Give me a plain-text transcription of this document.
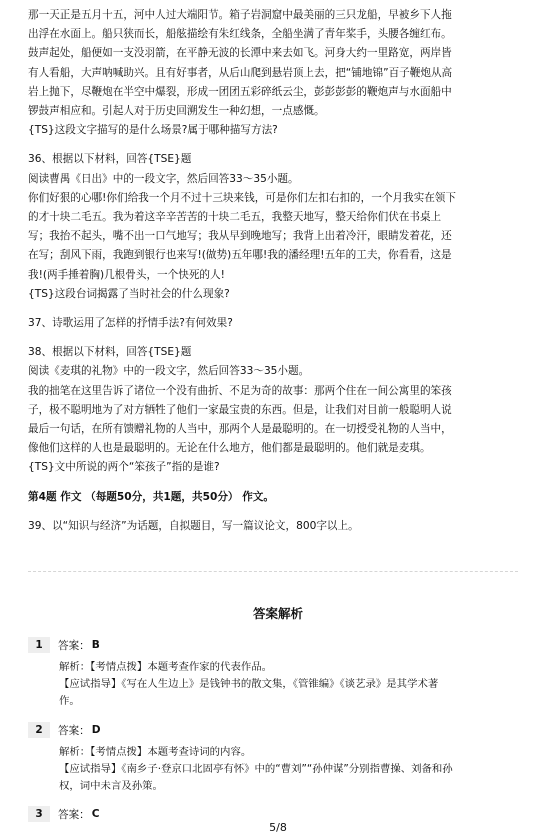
那一天正是五月十五，河中人过大端阳节。箱子岩洞窟中最美丽的三只龙船，早被乡下人拖

出浮在水面上。船只狭而长，船舷描绘有朱红线条，全船坐满了青年桨手，头腰各缠红布。

鼓声起处，船便如一支没羽箭，在平静无波的长潭中来去如飞。河身大约一里路宽，两岸皆

有人看船，大声呐喊助兴。且有好事者，从后山爬到悬岩顶上去，把“铺地锦”百子鞭炮从高

岩上抛下，尽鞭炮在半空中爆裂，形成一团团五彩碎纸云尘，彭彭彭彭的鞭炮声与水面船中

锣鼓声相应和。引起人对于历史回溯发生一种幻想，一点感慨。

{TS}这段文字描写的是什么场景?属于哪种描写方法?

36、根据以下材料，回答{TSE}题

阅读曹禺《日出》中的一段文字，然后回答33～35小题。

你们好狠的心哪!你们给我一个月不过十三块来钱，可是你们左扣右扣的，一个月我实在领下

的才十块二毛五。我为着这辛辛苦苦的十块二毛五，我整天地写，整天给你们伏在书桌上

写；我抬不起头，嘴不出一口气地写；我从早到晚地写；我背上出着冷汗，眼睛发着花，还

在写；刮风下雨，我跑到银行也来写!(做势)五年哪!我的潘经理!五年的工夫，你看看，这是

我!(两手捶着胸)几根骨头，一个快死的人!

{TS}这段台词揭露了当时社会的什么现象?

37、诗歌运用了怎样的抒情手法?有何效果?

38、根据以下材料，回答{TSE}题

阅读《麦琪的礼物》中的一段文字，然后回答33～35小题。

我的拙笔在这里告诉了诸位一个没有曲折、不足为奇的故事：那两个住在一间公寓里的笨孩

子，极不聪明地为了对方牺牲了他们一家最宝贵的东西。但是，让我们对目前一般聪明人说

最后一句话，在所有馈赠礼物的人当中，那两个人是最聪明的。在一切授受礼物的人当中，

像他们这样的人也是最聪明的。无论在什么地方，他们都是最聪明的。他们就是麦琪。

{TS}文中所说的两个“笨孩子”指的是谁?

第4题 作文 （每题50分，共1题，共50分） 作文。

39、以“知识与经济”为话题，自拟题目，写一篇议论文，800字以上。

答案解析
1	答案： B

解析：【考情点拨】本题考查作家的代表作品。

【应试指导】《写在人生边上》是钱钟书的散文集，《管锥编》《谈艺录》是其学术著

作。

2	答案： D

解析：【考情点拨】本题考查诗词的内容。

【应试指导】《南乡子·登京口北固亭有怀》中的“曹刘”“孙仲谋”分别指曹操、刘备和孙

权，词中未言及孙策。

3	答案： C
5/8
